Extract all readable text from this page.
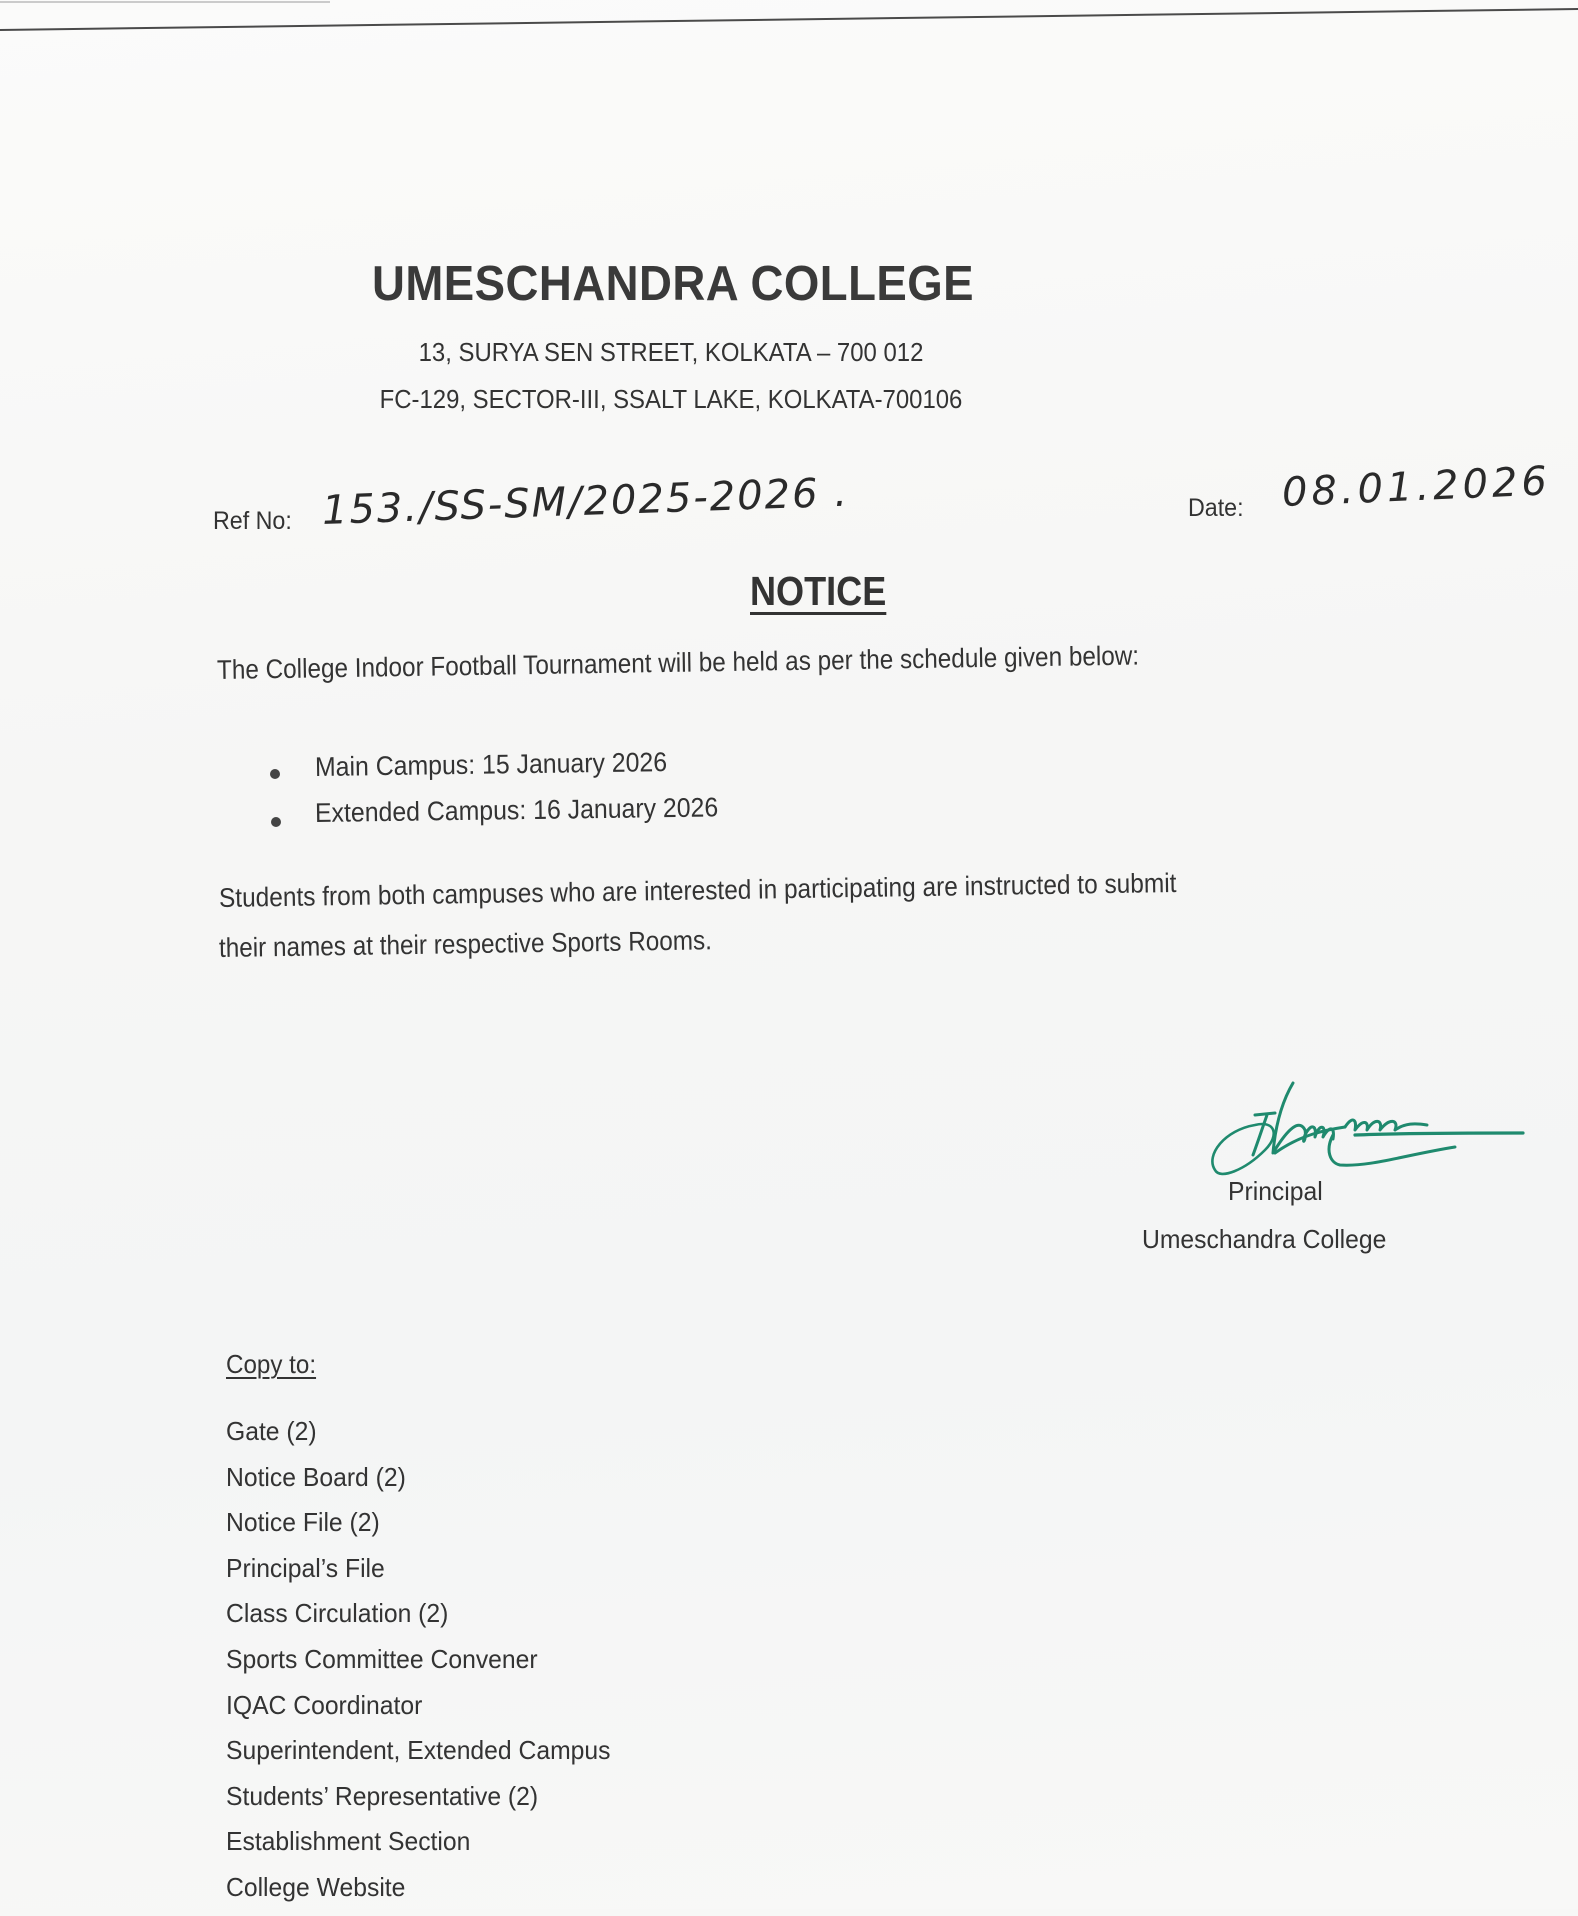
UMESCHANDRA COLLEGE
13, SURYA SEN STREET, KOLKATA – 700 012
FC-129, SECTOR-III, SSALT LAKE, KOLKATA-700106
Ref No: 153./SS-SM/2025-2026 .	Date: 08.01.2026
NOTICE
The College Indoor Football Tournament will be held as per the schedule given below:
Main Campus: 15 January 2026
Extended Campus: 16 January 2026
Students from both campuses who are interested in participating are instructed to submit
their names at their respective Sports Rooms.
Principal
Umeschandra College
Copy to:
Gate (2)
Notice Board (2)
Notice File (2)
Principal’s File
Class Circulation (2)
Sports Committee Convener
IQAC Coordinator
Superintendent, Extended Campus
Students’ Representative (2)
Establishment Section
College Website
